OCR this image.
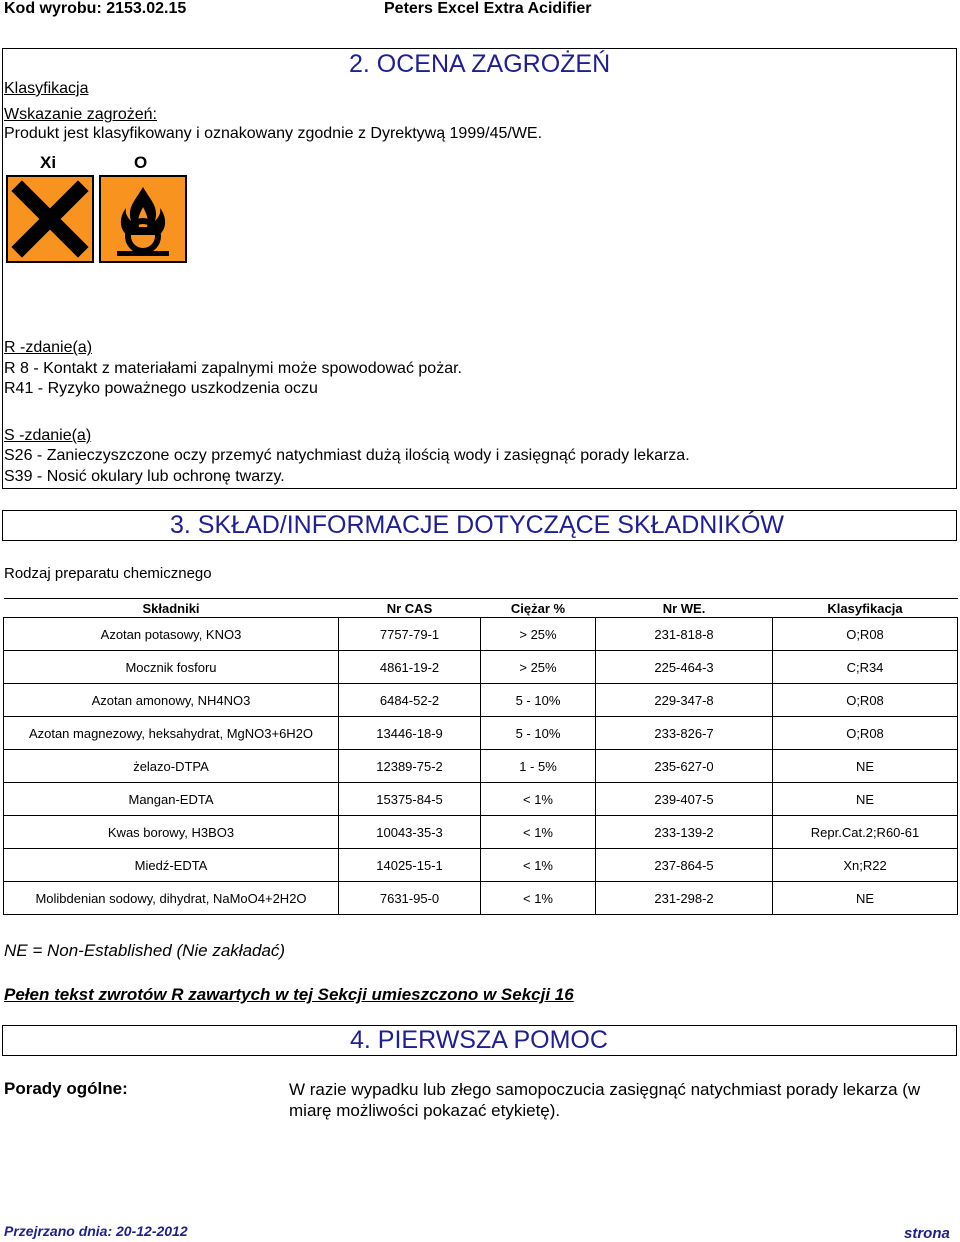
Kod wyrobu: 2153.02.15	Peters Excel Extra Acidifier
2. OCENA ZAGROŻEŃ
Klasyfikacja
Wskazanie zagrożeń:
Produkt jest klasyfikowany i oznakowany zgodnie z Dyrektywą 1999/45/WE.
Xi	O
R -zdanie(a)
R 8 - Kontakt z materiałami zapalnymi może spowodować pożar.
R41 - Ryzyko poważnego uszkodzenia oczu
S -zdanie(a)
S26 - Zanieczyszczone oczy przemyć natychmiast dużą ilością wody i zasięgnąć porady lekarza.
S39 - Nosić okulary lub ochronę twarzy.
3. SKŁAD/INFORMACJE DOTYCZĄCE SKŁADNIKÓW
Rodzaj preparatu chemicznego
Składniki	Nr CAS	Ciężar %	Nr WE.	Klasyfikacja
Azotan potasowy, KNO3	7757-79-1	> 25%	231-818-8	O;R08
Mocznik fosforu	4861-19-2	> 25%	225-464-3	C;R34
Azotan amonowy, NH4NO3	6484-52-2	5 - 10%	229-347-8	O;R08
Azotan magnezowy, heksahydrat, MgNO3+6H2O	13446-18-9	5 - 10%	233-826-7	O;R08
żelazo-DTPA	12389-75-2	1 - 5%	235-627-0	NE
Mangan-EDTA	15375-84-5	< 1%	239-407-5	NE
Kwas borowy, H3BO3	10043-35-3	< 1%	233-139-2	Repr.Cat.2;R60-61
Miedź-EDTA	14025-15-1	< 1%	237-864-5	Xn;R22
Molibdenian sodowy, dihydrat, NaMoO4+2H2O	7631-95-0	< 1%	231-298-2	NE
NE = Non-Established (Nie zakładać)
Pełen tekst zwrotów R zawartych w tej Sekcji umieszczono w Sekcji 16
4. PIERWSZA POMOC
Porady ogólne:	W razie wypadku lub złego samopoczucia zasięgnąć natychmiast porady lekarza (w miarę możliwości pokazać etykietę).
Przejrzano dnia: 20-12-2012	strona
